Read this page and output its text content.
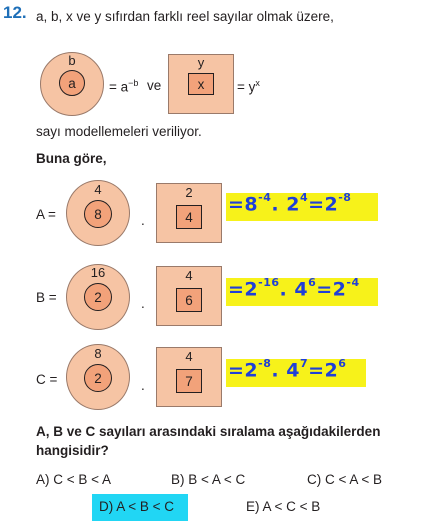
12. a, b, x ve y sıfırdan farklı reel sayılar olmak üzere,
b
a	= $a^{-b}$ ve
y
x	= $y^x$
sayı modellemeleri veriliyor.
Buna göre,
A =
4
8	.
2
4
$=8^{-4}$. $2^4=2^{-8}$
B =
16
2	.
4
6	$=2^{-16}$. $4^6=2^{-4}$
C =
8
2	.
4
7	$=2^{-8}$. $4^7=2^6$
A, B ve C sayıları arasındaki sıralama aşağıdakilerden
hangisidir?
A) C < B < A	B) B < A < C	C) C < A < B
D) A < B < C	E) A < C < B
